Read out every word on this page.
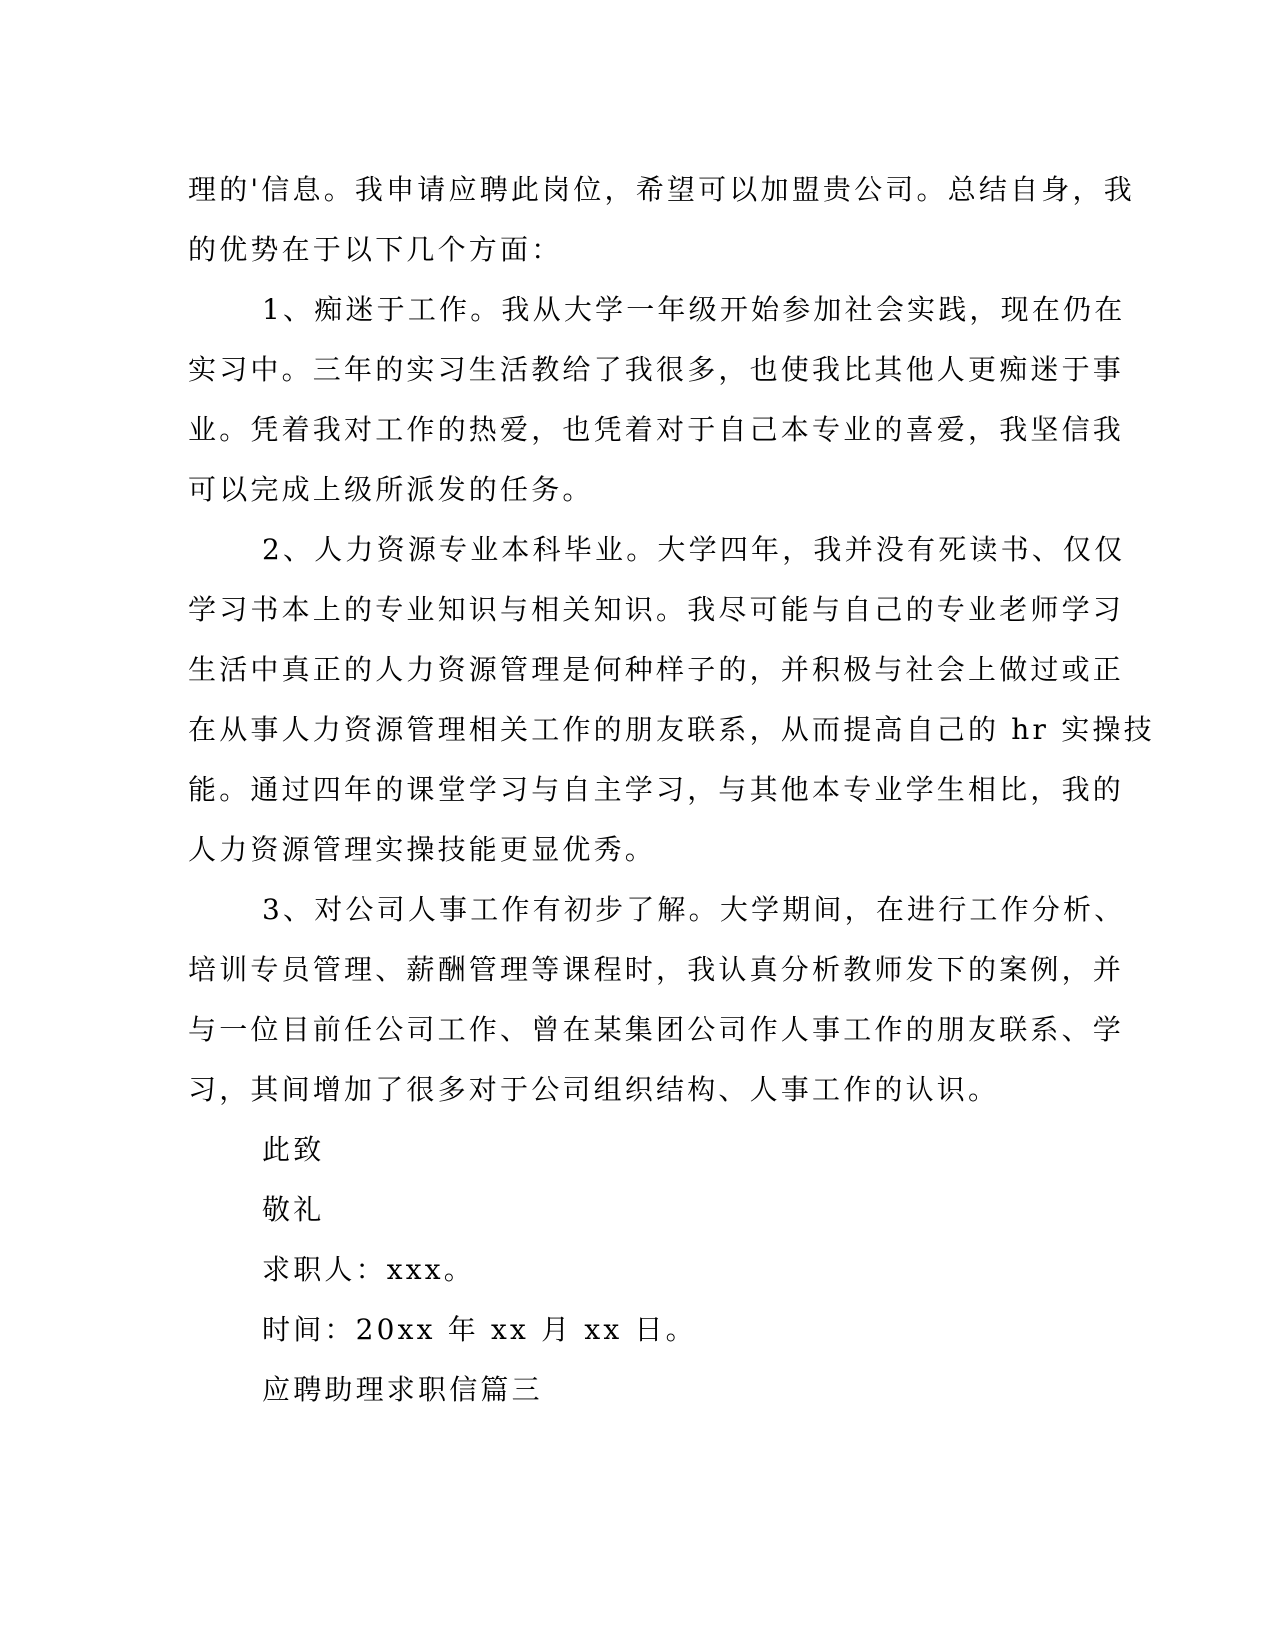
理的'信息。我申请应聘此岗位，希望可以加盟贵公司。总结自身，我
的优势在于以下几个方面：
1、痴迷于工作。我从大学一年级开始参加社会实践，现在仍在
实习中。三年的实习生活教给了我很多，也使我比其他人更痴迷于事
业。凭着我对工作的热爱，也凭着对于自己本专业的喜爱，我坚信我
可以完成上级所派发的任务。
2、人力资源专业本科毕业。大学四年，我并没有死读书、仅仅
学习书本上的专业知识与相关知识。我尽可能与自己的专业老师学习
生活中真正的人力资源管理是何种样子的，并积极与社会上做过或正
在从事人力资源管理相关工作的朋友联系，从而提高自己的 hr 实操技
能。通过四年的课堂学习与自主学习，与其他本专业学生相比，我的
人力资源管理实操技能更显优秀。
3、对公司人事工作有初步了解。大学期间，在进行工作分析、
培训专员管理、薪酬管理等课程时，我认真分析教师发下的案例，并
与一位目前任公司工作、曾在某集团公司作人事工作的朋友联系、学
习，其间增加了很多对于公司组织结构、人事工作的认识。
此致
敬礼
求职人：xxx。
时间：20xx 年 xx 月 xx 日。
应聘助理求职信篇三
